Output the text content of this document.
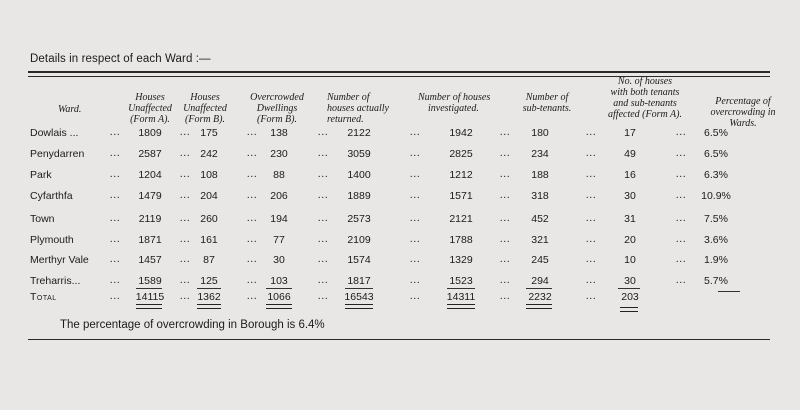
Details in respect of each Ward :—
Ward.
Houses
Unaffected
(Form A).
Houses
Unaffected
(Form B).
Overcrowded
Dwellings
(Form B).
Number of
houses actually
returned.
Number of houses
investigated.
Number of
sub-tenants.
No. of houses
with both tenants
and sub-tenants
affected (Form A).
Percentage of
overcrowding in
Wards.
Dowlais ...	...	1809	... 175	...	138	...	2122	...	1942	...	180	...	17	...	6.5%
Penydarren	...	2587	... 242	...	230	...	3059	...	2825	...	234	...	49	...	6.5%
Park	...	1204	... 108	...	88	...	1400	...	1212	...	188	...	16	...	6.3%
Cyfarthfa	...	1479	... 204	...	206	...	1889	...	1571	...	318	...	30	...	10.9%
Town	...	2119	... 260	...	194	...	2573	...	2121	...	452	...	31	...	7.5%
Plymouth	...	1871	... 161	...	77	...	2109	...	1788	...	321	...	20	...	3.6%
Merthyr Vale ...	1457	...	87	...	30	...	1574	...	1329	...	245	...	10	...	1.9%
Treharris...	...	1589	... 125	...	103	...	1817	...	1523	...	294	...	30	...	5.7%
Total	...	14115	... 1362	... 1066	...	16543	...	14311	...	2232	...	203
The percentage of overcrowding in Borough is 6.4%
